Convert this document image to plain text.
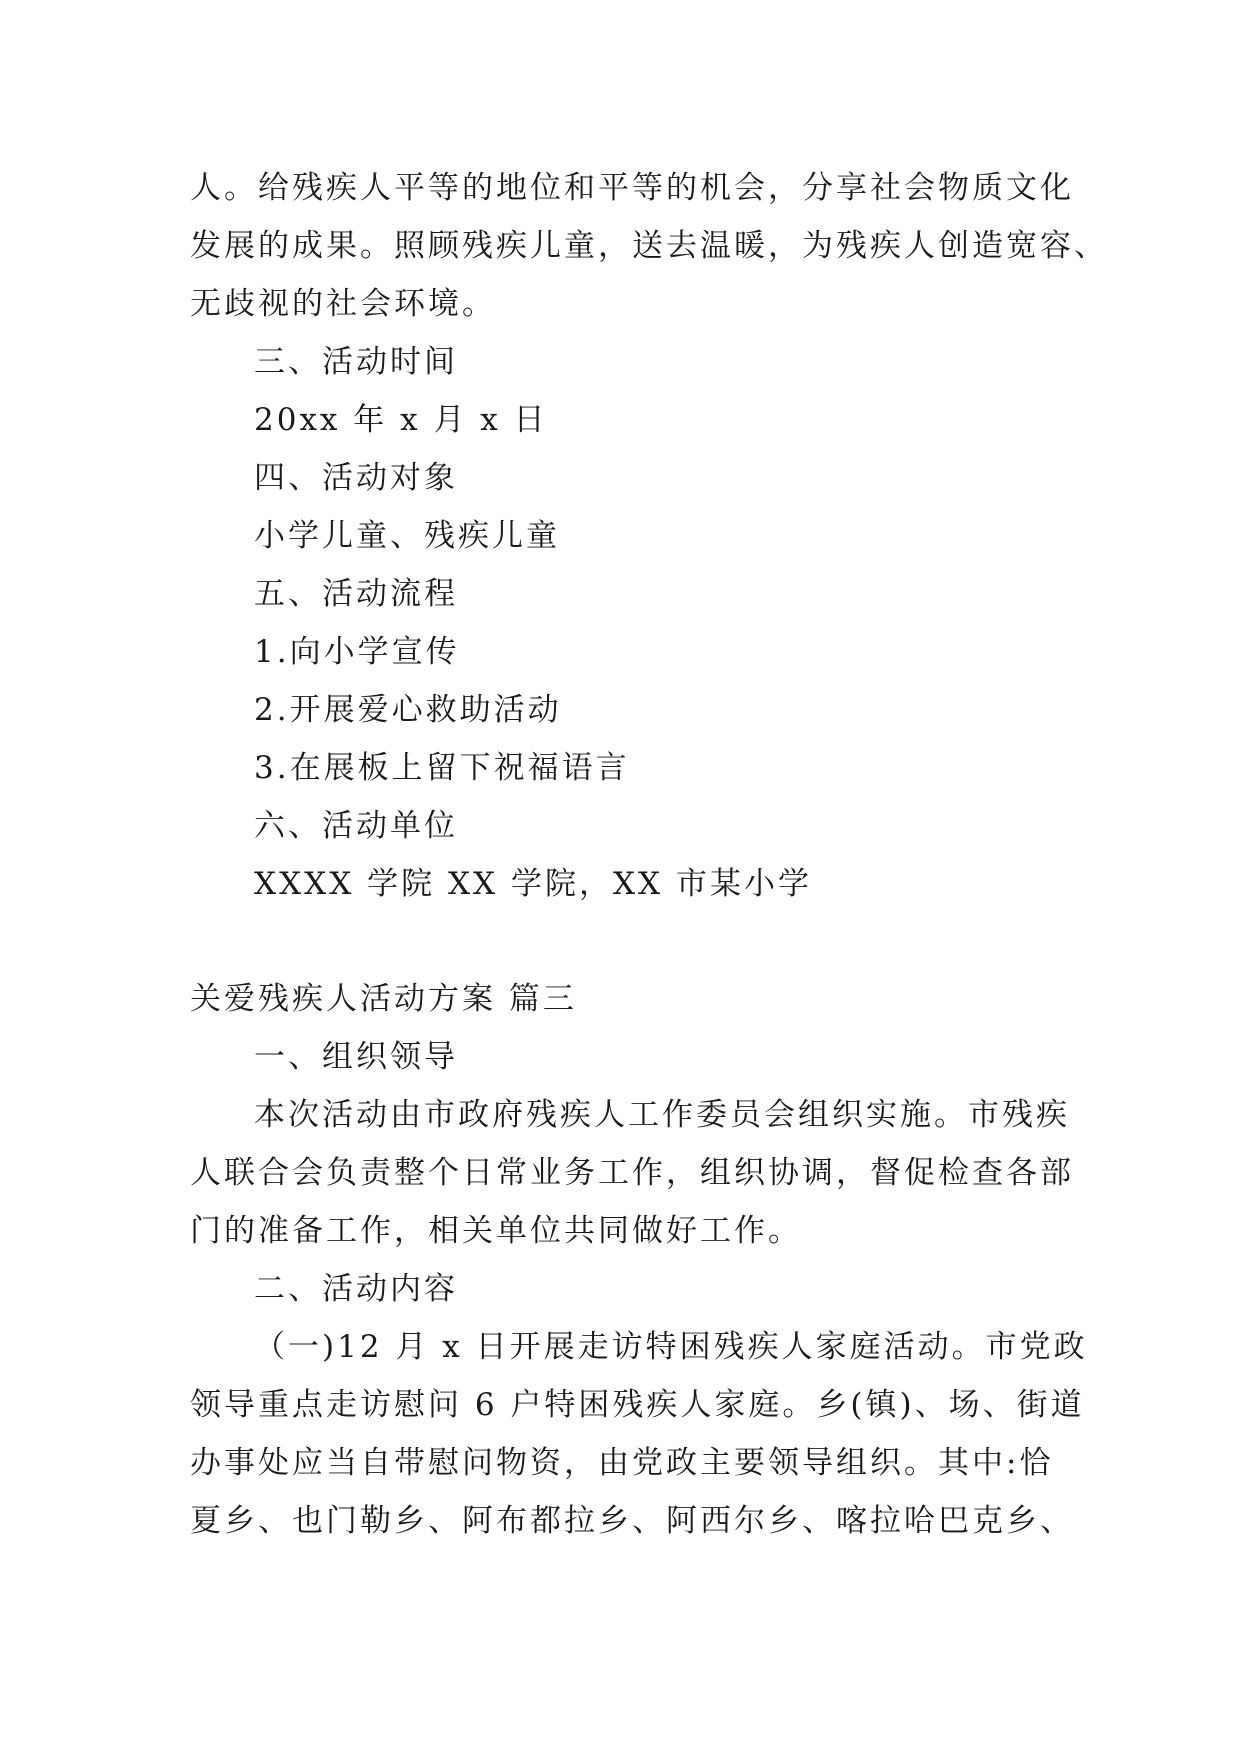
人。给残疾人平等的地位和平等的机会，分享社会物质文化
发展的成果。照顾残疾儿童，送去温暖，为残疾人创造宽容、
无歧视的社会环境。
三、活动时间
20xx 年 x 月 x 日
四、活动对象
小学儿童、残疾儿童
五、活动流程
1.向小学宣传
2.开展爱心救助活动
3.在展板上留下祝福语言
六、活动单位
XXXX 学院 XX 学院，XX 市某小学
关爱残疾人活动方案 篇三
一、组织领导
本次活动由市政府残疾人工作委员会组织实施。市残疾
人联合会负责整个日常业务工作，组织协调，督促检查各部
门的准备工作，相关单位共同做好工作。
二、活动内容
（一)12 月 x 日开展走访特困残疾人家庭活动。市党政
领导重点走访慰问 6 户特困残疾人家庭。乡(镇)、场、街道
办事处应当自带慰问物资，由党政主要领导组织。其中:恰
夏乡、也门勒乡、阿布都拉乡、阿西尔乡、喀拉哈巴克乡、
